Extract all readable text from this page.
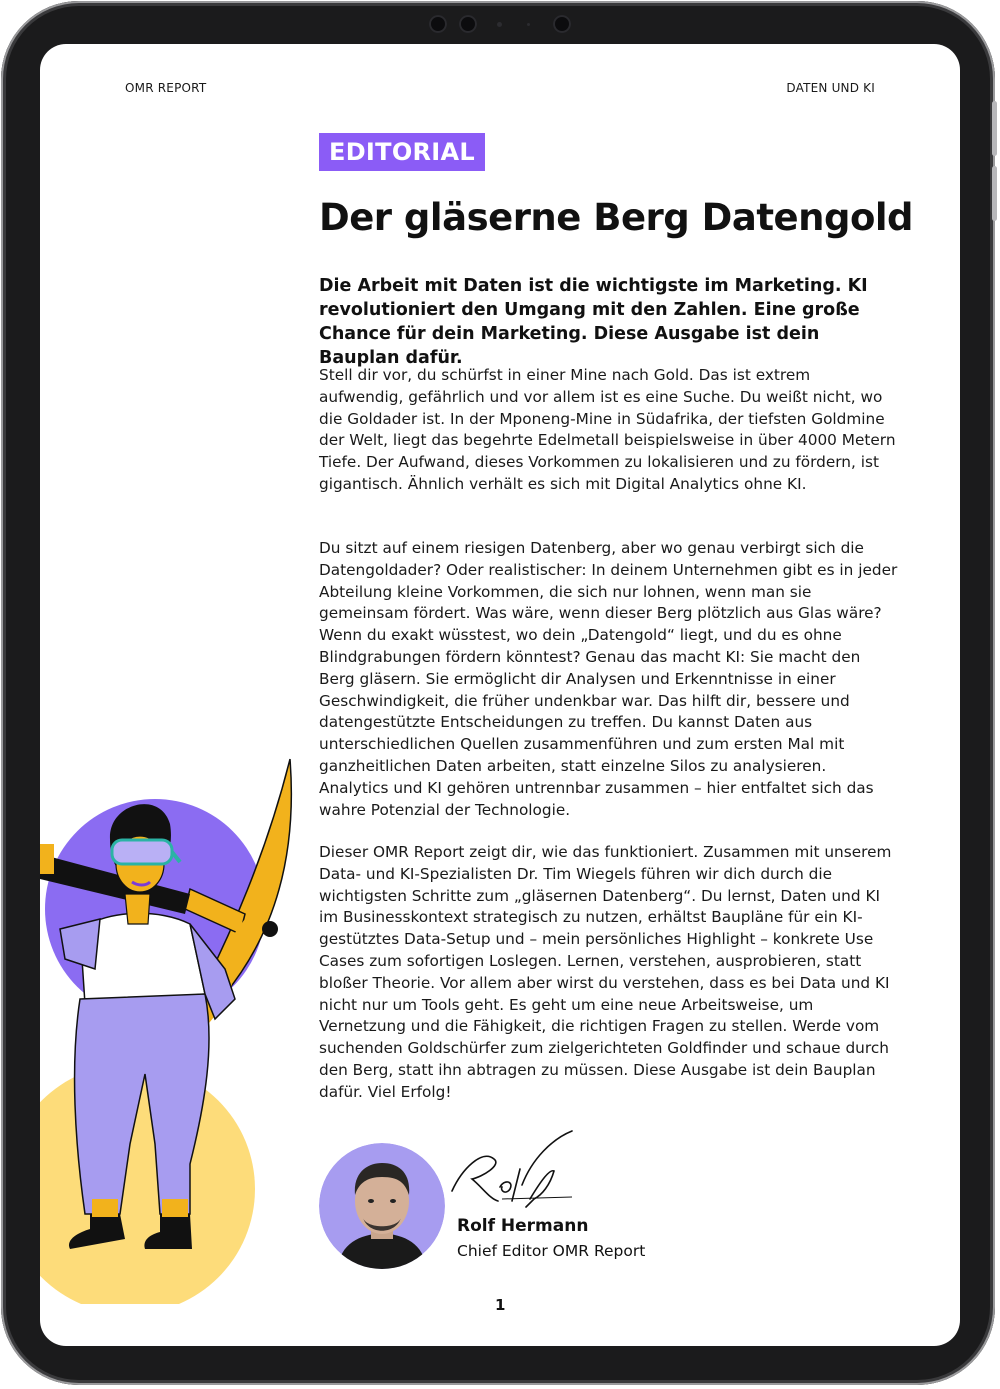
OMR REPORT	DATEN UND KI
EDITORIAL
Der gläserne Berg Datengold
Die Arbeit mit Daten ist die wichtigste im Marketing. KI revolutioniert den Umgang mit den Zahlen. Eine große Chance für dein Marketing. Diese Ausgabe ist dein Bauplan dafür.
Stell dir vor, du schürfst in einer Mine nach Gold. Das ist extrem aufwendig, gefährlich und vor allem ist es eine Suche. Du weißt nicht, wo die Goldader ist. In der Mponeng-Mine in Südafrika, der tiefsten Goldmine der Welt, liegt das begehrte Edelmetall beispielsweise in über 4000 Metern Tiefe. Der Aufwand, dieses Vorkommen zu lokalisieren und zu fördern, ist gigantisch. Ähnlich verhält es sich mit Digital Analytics ohne KI.
Du sitzt auf einem riesigen Datenberg, aber wo genau verbirgt sich die Datengoldader? Oder realistischer: In deinem Unternehmen gibt es in jeder Abteilung kleine Vorkommen, die sich nur lohnen, wenn man sie gemeinsam fördert. Was wäre, wenn dieser Berg plötzlich aus Glas wäre? Wenn du exakt wüsstest, wo dein „Datengold“ liegt, und du es ohne Blindgrabungen fördern könntest? Genau das macht KI: Sie macht den Berg gläsern. Sie ermöglicht dir Analysen und Erkenntnisse in einer Geschwindigkeit, die früher undenkbar war. Das hilft dir, bessere und datengestützte Entscheidungen zu treffen. Du kannst Daten aus unterschiedlichen Quellen zusammenführen und zum ersten Mal mit ganzheitlichen Daten arbeiten, statt einzelne Silos zu analysieren. Analytics und KI gehören untrennbar zusammen – hier entfaltet sich das wahre Potenzial der Technologie.
Dieser OMR Report zeigt dir, wie das funktioniert. Zusammen mit unserem Data- und KI-Spezialisten Dr. Tim Wiegels führen wir dich durch die wichtigsten Schritte zum „gläsernen Datenberg“. Du lernst, Daten und KI im Businesskontext strategisch zu nutzen, erhältst Baupläne für ein KI-gestütztes Data-Setup und – mein persönliches Highlight – konkrete Use Cases zum sofortigen Loslegen. Lernen, verstehen, ausprobieren, statt bloßer Theorie. Vor allem aber wirst du verstehen, dass es bei Data und KI nicht nur um Tools geht. Es geht um eine neue Arbeitsweise, um Vernetzung und die Fähigkeit, die richtigen Fragen zu stellen. Werde vom suchenden Goldschürfer zum zielgerichteten Goldfinder und schaue durch den Berg, statt ihn abtragen zu müssen. Diese Ausgabe ist dein Bauplan dafür. Viel Erfolg!
Rolf Hermann
Chief Editor OMR Report
1
